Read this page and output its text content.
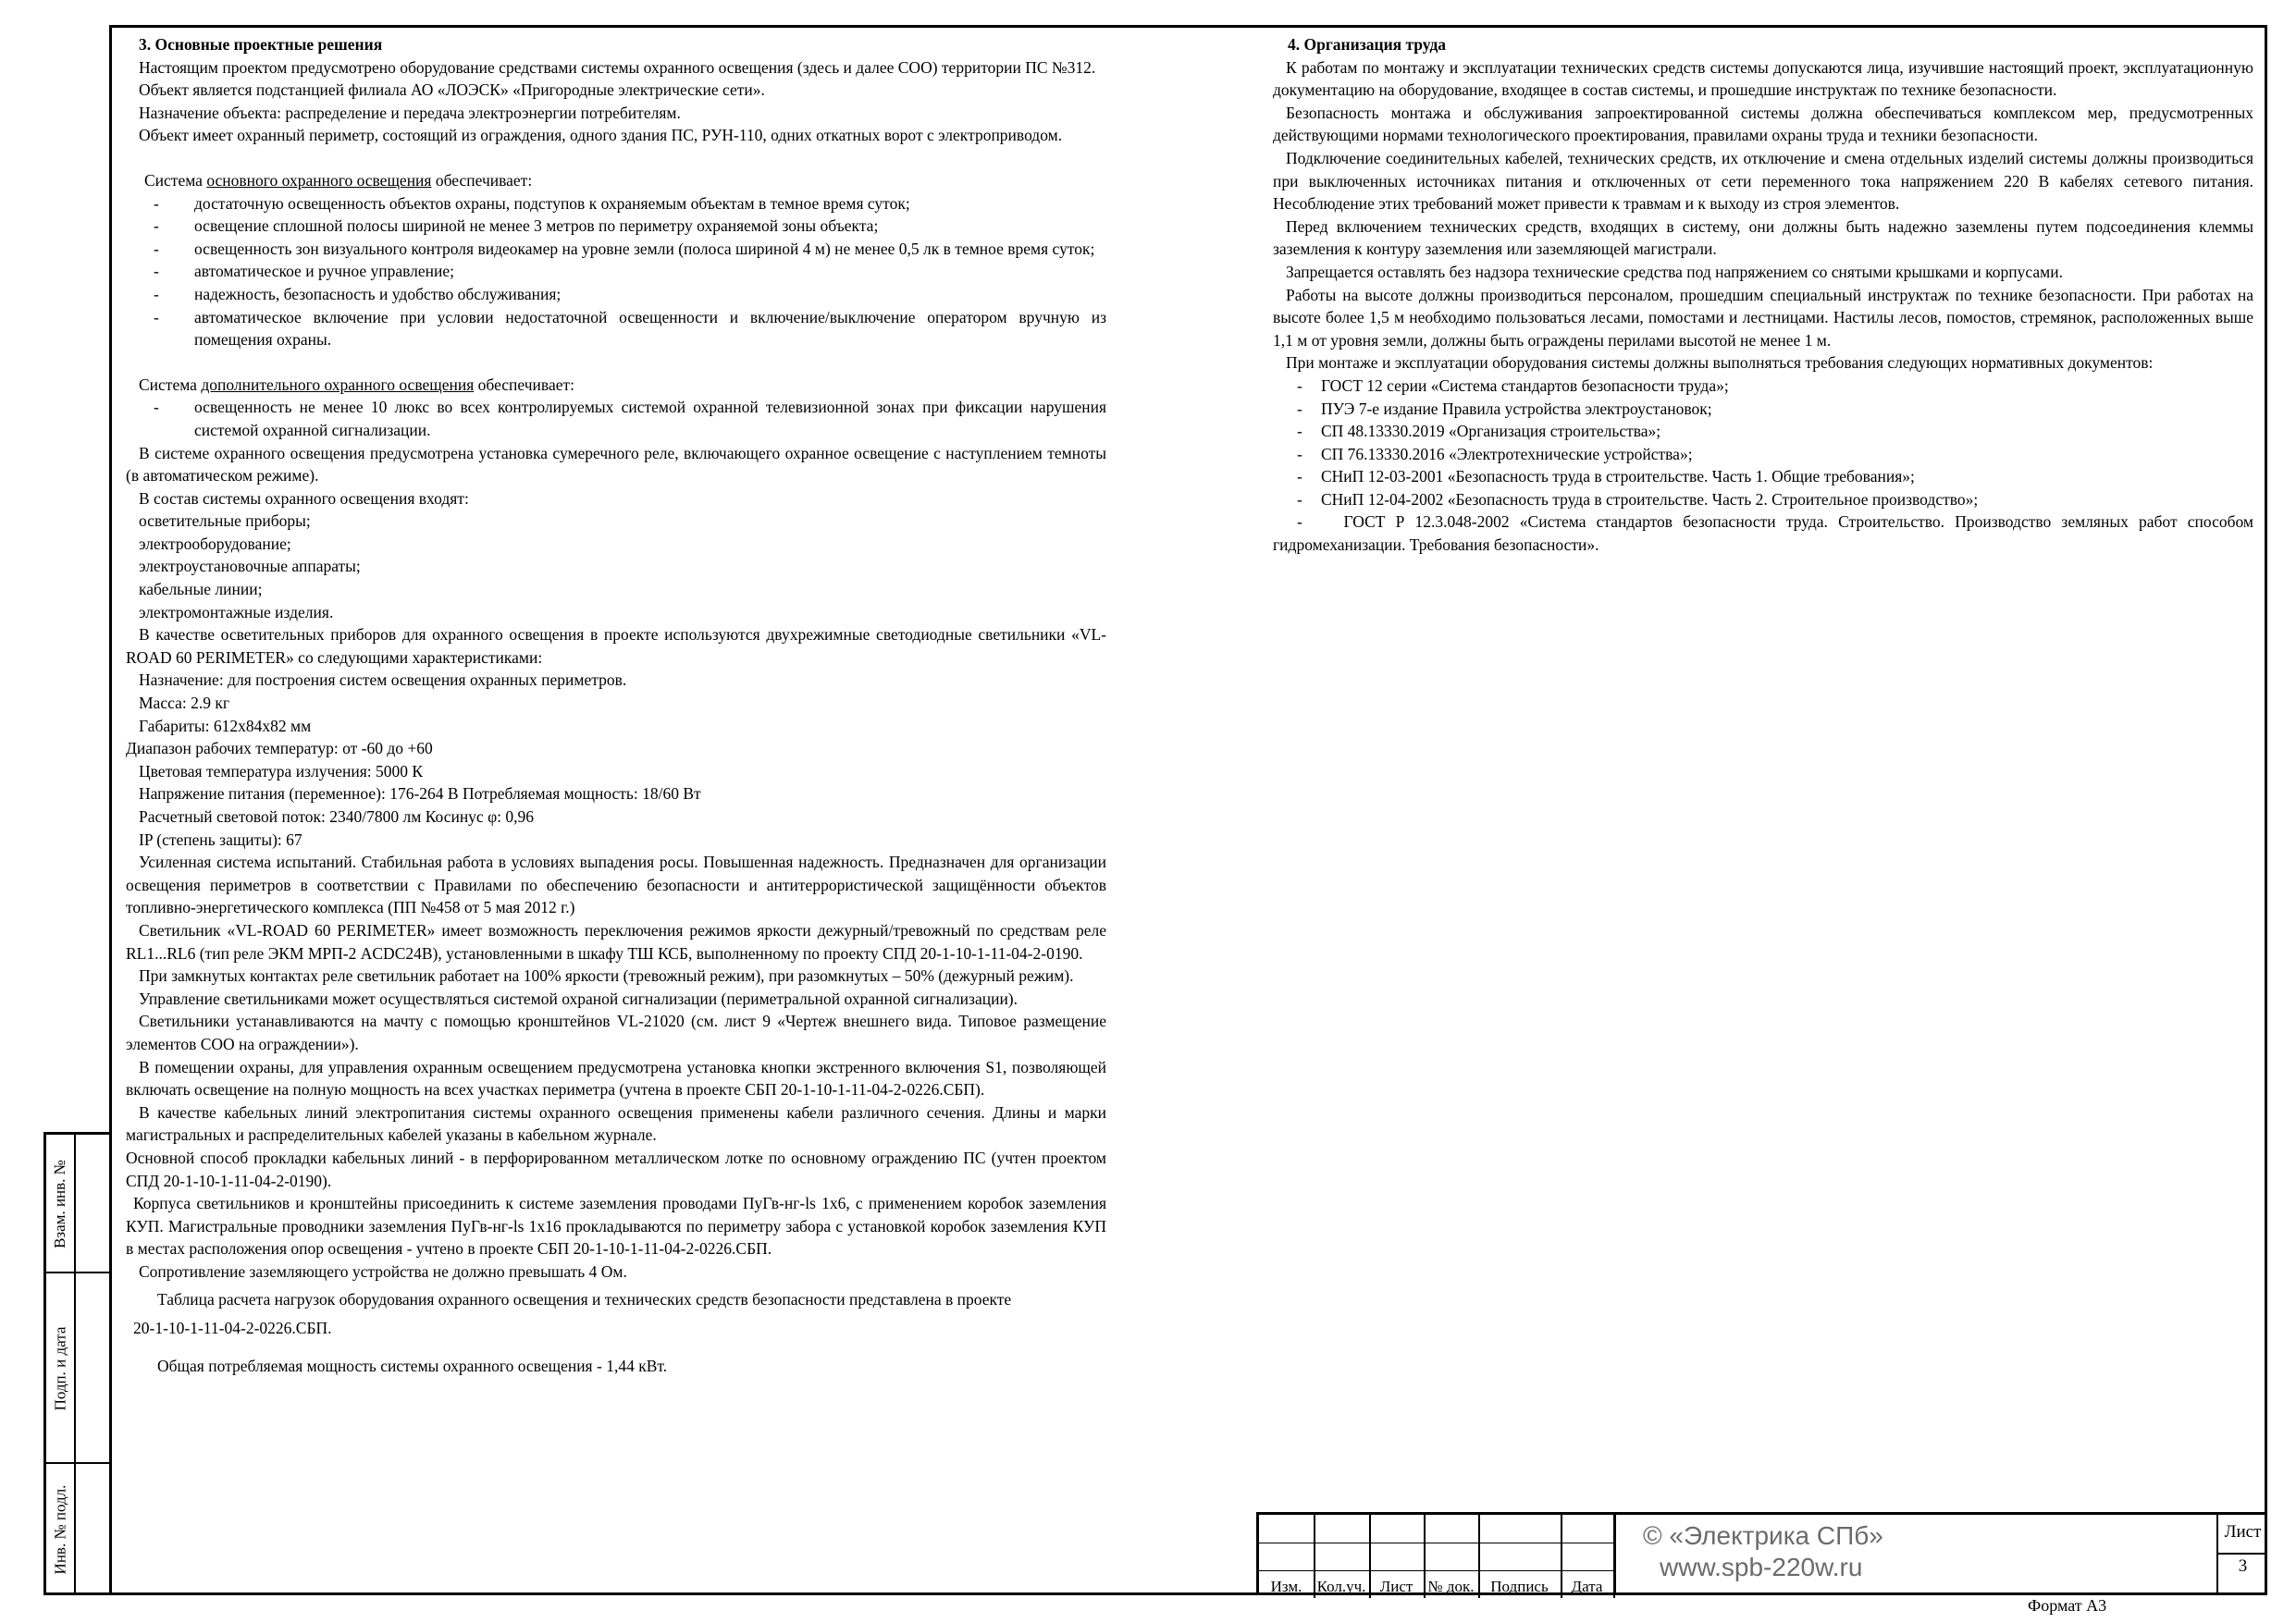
Взам. инв. №
Подп. и дата
Инв. № подл.

3. Основные проектные решения

Настоящим проектом предусмотрено оборудование средствами системы охранного освещения (здесь и далее СОО) территории ПС №312.

Объект является подстанцией филиала АО «ЛОЭСК» «Пригородные электрические сети».

Назначение объекта: распределение и передача электроэнергии потребителям.

Объект имеет охранный периметр, состоящий из ограждения, одного здания ПС, РУН-110, одних откатных ворот с электроприводом.

Система основного охранного освещения обеспечивает:

- достаточную освещенность объектов охраны, подступов к охраняемым объектам в темное время суток;

- освещение сплошной полосы шириной не менее 3 метров по периметру охраняемой зоны объекта;

- освещенность зон визуального контроля видеокамер на уровне земли (полоса шириной 4 м) не менее 0,5 лк в темное время суток;

- автоматическое и ручное управление;

- надежность, безопасность и удобство обслуживания;

- автоматическое включение при условии недостаточной освещенности и включение/выключение оператором вручную из помещения охраны.

Система дополнительного охранного освещения обеспечивает:

- освещенность не менее 10 люкс во всех контролируемых системой охранной телевизионной зонах при фиксации нарушения системой охранной сигнализации.

В системе охранного освещения предусмотрена установка сумеречного реле, включающего охранное освещение с наступлением темноты (в автоматическом режиме).

В состав системы охранного освещения входят:

осветительные приборы;

электрооборудование;

электроустановочные аппараты;

кабельные линии;

электромонтажные изделия.

В качестве осветительных приборов для охранного освещения в проекте используются двухрежимные светодиодные светильники «VL-ROAD 60 PERIMETER» со следующими характеристиками:

Назначение: для построения систем освещения охранных периметров.

Масса: 2.9 кг

Габариты: 612х84х82 мм

Диапазон рабочих температур: от -60 до +60

Цветовая температура излучения: 5000 К

Напряжение питания (переменное): 176-264 В Потребляемая мощность: 18/60 Вт

Расчетный световой поток: 2340/7800 лм Косинус φ: 0,96

IP (степень защиты): 67

Усиленная система испытаний. Стабильная работа в условиях выпадения росы. Повышенная надежность. Предназначен для организации освещения периметров в соответствии с Правилами по обеспечению безопасности и антитеррористической защищённости объектов топливно-энергетического комплекса (ПП №458 от 5 мая 2012 г.)

Светильник «VL-ROAD 60 PERIMETER» имеет возможность переключения режимов яркости дежурный/тревожный по средствам реле RL1...RL6 (тип реле ЭКМ МРП-2 ACDC24B), установленными в шкафу ТШ КСБ, выполненному по проекту СПД 20-1-10-1-11-04-2-0190.

При замкнутых контактах реле светильник работает на 100% яркости (тревожный режим), при разомкнутых – 50% (дежурный режим).

Управление светильниками может осуществляться системой охраной сигнализации (периметральной охранной сигнализации).

Светильники устанавливаются на мачту с помощью кронштейнов VL-21020 (см. лист 9 «Чертеж внешнего вида. Типовое размещение элементов СОО на ограждении»).

В помещении охраны, для управления охранным освещением предусмотрена установка кнопки экстренного включения S1, позволяющей включать освещение на полную мощность на всех участках периметра (учтена в проекте СБП 20-1-10-1-11-04-2-0226.СБП).

В качестве кабельных линий электропитания системы охранного освещения применены кабели различного сечения. Длины и марки магистральных и распределительных кабелей указаны в кабельном журнале.

Основной способ прокладки кабельных линий - в перфорированном металлическом лотке по основному ограждению ПС (учтен проектом СПД 20-1-10-1-11-04-2-0190).

Корпуса светильников и кронштейны присоединить к системе заземления проводами ПуГв-нг-ls 1х6, с применением коробок заземления КУП. Магистральные проводники заземления ПуГв-нг-ls 1х16 прокладываются по периметру забора с установкой коробок заземления КУП в местах расположения опор освещения - учтено в проекте СБП 20-1-10-1-11-04-2-0226.СБП.

Сопротивление заземляющего устройства не должно превышать 4 Ом.

Таблица расчета нагрузок оборудования охранного освещения и технических средств безопасности представлена в проекте

20-1-10-1-11-04-2-0226.СБП.

Общая потребляемая мощность системы охранного освещения - 1,44 кВт.

4. Организация труда

К работам по монтажу и эксплуатации технических средств системы допускаются лица, изучившие настоящий проект, эксплуатационную документацию на оборудование, входящее в состав системы, и прошедшие инструктаж по технике безопасности.

Безопасность монтажа и обслуживания запроектированной системы должна обеспечиваться комплексом мер, предусмотренных действующими нормами технологического проектирования, правилами охраны труда и техники безопасности.

Подключение соединительных кабелей, технических средств, их отключение и смена отдельных изделий системы должны производиться при выключенных источниках питания и отключенных от сети переменного тока напряжением 220 В кабелях сетевого питания. Несоблюдение этих требований может привести к травмам и к выходу из строя элементов.

Перед включением технических средств, входящих в систему, они должны быть надежно заземлены путем подсоединения клеммы заземления к контуру заземления или заземляющей магистрали.

Запрещается оставлять без надзора технические средства под напряжением со снятыми крышками и корпусами.

Работы на высоте должны производиться персоналом, прошедшим специальный инструктаж по технике безопасности. При работах на высоте более 1,5 м необходимо пользоваться лесами, помостами и лестницами. Настилы лесов, помостов, стремянок, расположенных выше 1,1 м от уровня земли, должны быть ограждены перилами высотой не менее 1 м.

При монтаже и эксплуатации оборудования системы должны выполняться требования следующих нормативных документов:

- ГОСТ 12 серии «Система стандартов безопасности труда»;

- ПУЭ 7-е издание Правила устройства электроустановок;

- СП 48.13330.2019 «Организация строительства»;

- СП 76.13330.2016 «Электротехнические устройства»;

- СНиП 12-03-2001 «Безопасность труда в строительстве. Часть 1. Общие требования»;

- СНиП 12-04-2002 «Безопасность труда в строительстве. Часть 2. Строительное производство»;

-    ГОСТ Р 12.3.048-2002 «Система стандартов безопасности труда. Строительство. Производство земляных работ способом гидромеханизации. Требования безопасности».

Изм. Кол.уч. Лист № док.	Подпись	Дата
© «Электрика СПб»
www.spb-220w.ru
Лист
3
Формат А3
